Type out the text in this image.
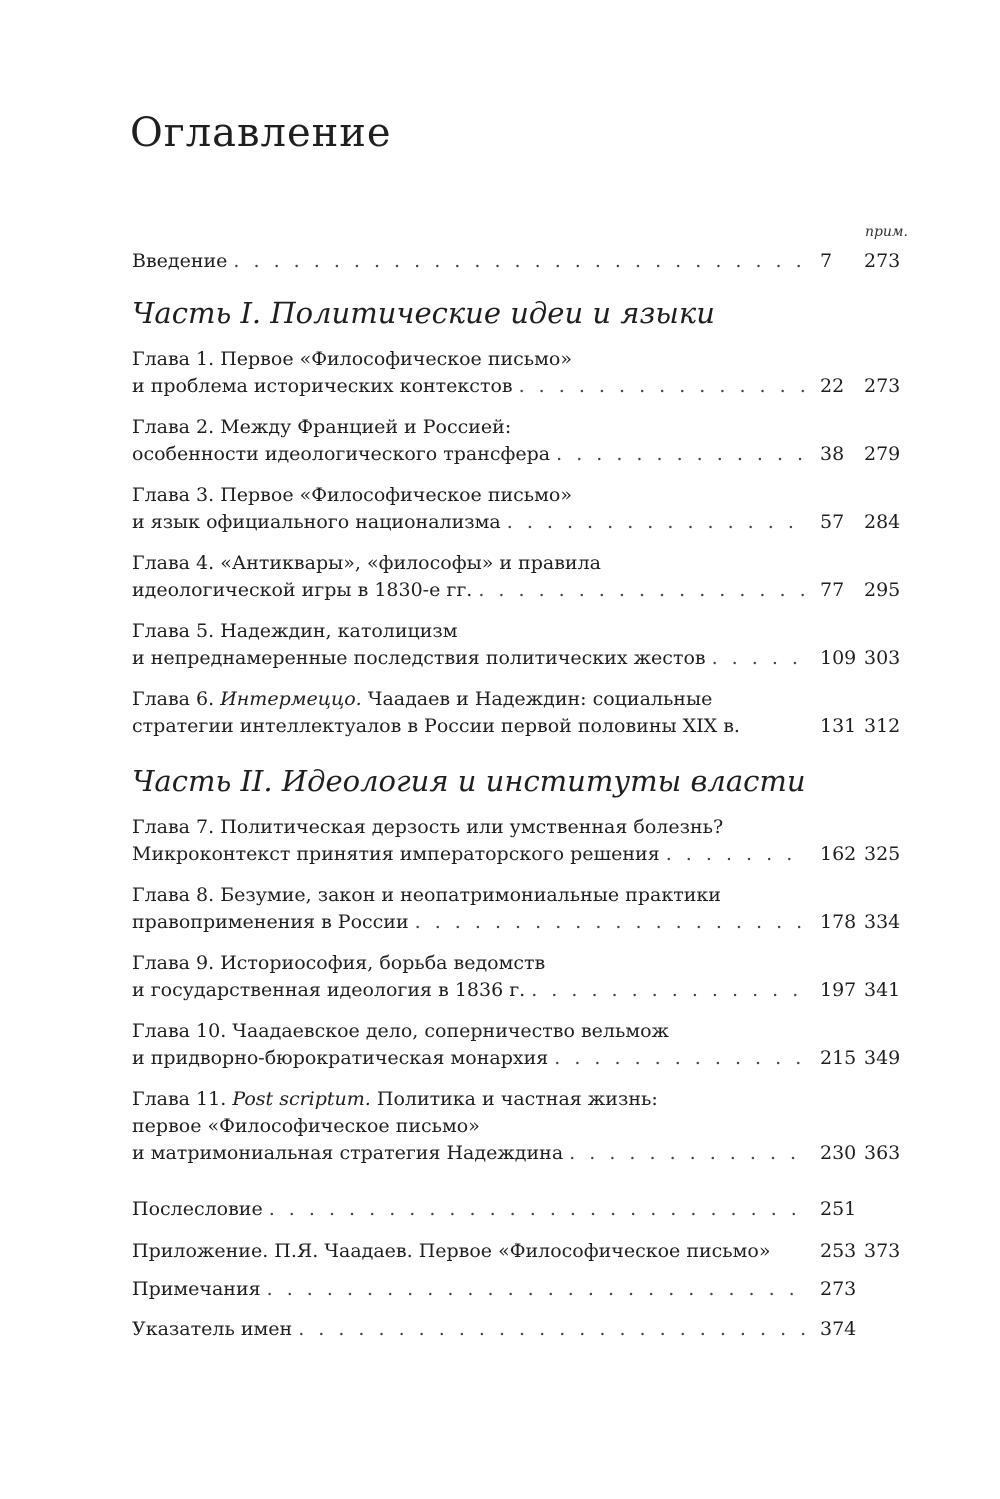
Оглавление
прим.
Введение . . .	7	273
Часть I. Политические идеи и языки
Глава 1. Первое «Философическое письмо»
и проблема исторических контекстов . . .	22	273
Глава 2. Между Францией и Россией:
особенности идеологического трансфера . . .	38	279
Глава 3. Первое «Философическое письмо»
и язык официального национализма . . .	57	284
Глава 4. «Антиквары», «философы» и правила
идеологической игры в 1830-е гг. . . .	77	295
Глава 5. Надеждин, католицизм
и непреднамеренные последствия политических жестов . . .	109 303
Глава 6. Интермеццо. Чаадаев и Надеждин: социальные
стратегии интеллектуалов в России первой половины XIX в.	131 312
Часть II. Идеология и институты власти
Глава 7. Политическая дерзость или умственная болезнь?
Микроконтекст принятия императорского решения . . .	162 325
Глава 8. Безумие, закон и неопатримониальные практики
правоприменения в России . . .	178 334
Глава 9. Историософия, борьба ведомств
и государственная идеология в 1836 г. . . .	197 341
Глава 10. Чаадаевское дело, соперничество вельмож
и придворно-бюрократическая монархия . . .	215 349
Глава 11. Post scriptum. Политика и частная жизнь:
первое «Философическое письмо»
и матримониальная стратегия Надеждина . . .	230 363
Послесловие . . .	251
Приложение. П.Я. Чаадаев. Первое «Философическое письмо»	253 373
Примечания . . .	273
Указатель имен . . .	374
